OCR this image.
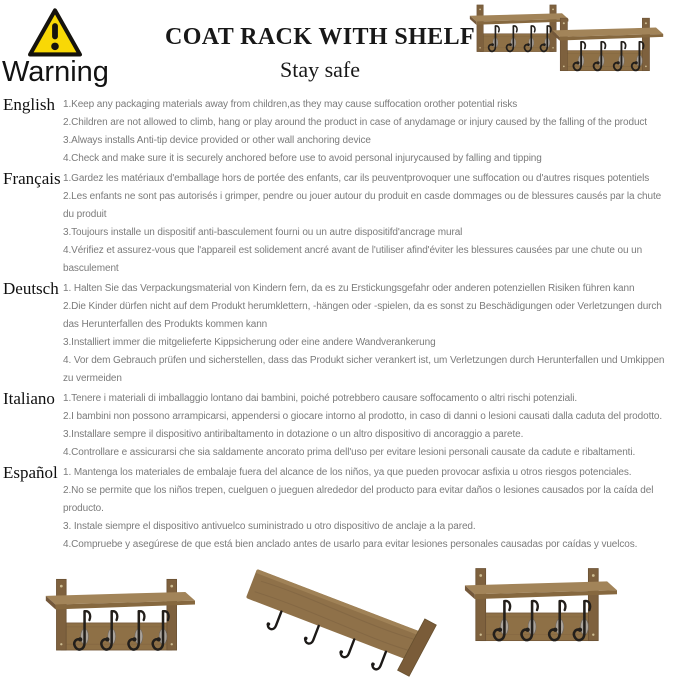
Warning
COAT RACK WITH SHELF
Stay safe
English 1.Keep any packaging materials away from children,as they may cause suffocation orother potential risks
2.Children are not allowed to climb, hang or play around the product in case of anydamage or injury caused by the falling of the product
3.Always installs Anti-tip device provided or other wall anchoring device
4.Check and make sure it is securely anchored before use to avoid personal injurycaused by falling and tipping
Français 1.Gardez les matériaux d'emballage hors de portée des enfants, car ils peuventprovoquer une suffocation ou d'autres risques potentiels
2.Les enfants ne sont pas autorisés i grimper, pendre ou jouer autour du produit en casde dommages ou de blessures causés par la chute du produit
3.Toujours installe un dispositif anti-basculement fourni ou un autre dispositifd'ancrage mural
4.Vérifiez et assurez-vous que l'appareil est solidement ancré avant de l'utiliser afind'éviter les blessures causées par une chute ou un basculement
Deutsch 1. Halten Sie das Verpackungsmaterial von Kindern fern, da es zu Erstickungsgefahr oder anderen potenziellen Risiken führen kann
2.Die Kinder dürfen nicht auf dem Produkt herumklettern, -hängen oder -spielen, da es sonst zu Beschädigungen oder Verletzungen durch das Herunterfallen des Produkts kommen kann
3.Installiert immer die mitgelieferte Kippsicherung oder eine andere Wandverankerung
4. Vor dem Gebrauch prüfen und sicherstellen, dass das Produkt sicher verankert ist, um Verletzungen durch Herunterfallen und Umkippen zu vermeiden
Italiano 1.Tenere i materiali di imballaggio lontano dai bambini, poiché potrebbero causare soffocamento o altri rischi potenziali.
2.I bambini non possono arrampicarsi, appendersi o giocare intorno al prodotto, in caso di danni o lesioni causati dalla caduta del prodotto.
3.Installare sempre il dispositivo antiribaltamento in dotazione o un altro dispositivo di ancoraggio a parete.
4.Controllare e assicurarsi che sia saldamente ancorato prima dell'uso per evitare lesioni personali causate da cadute e ribaltamenti.
Español 1. Mantenga los materiales de embalaje fuera del alcance de los niños, ya que pueden provocar asfixia u otros riesgos potenciales.
2.No se permite que los niños trepen, cuelguen o jueguen alrededor del producto para evitar daños o lesiones causados por la caída del producto.
3. Instale siempre el dispositivo antivuelco suministrado u otro dispositivo de anclaje a la pared.
4.Compruebe y asegúrese de que está bien anclado antes de usarlo para evitar lesiones personales causadas por caídas y vuelcos.
